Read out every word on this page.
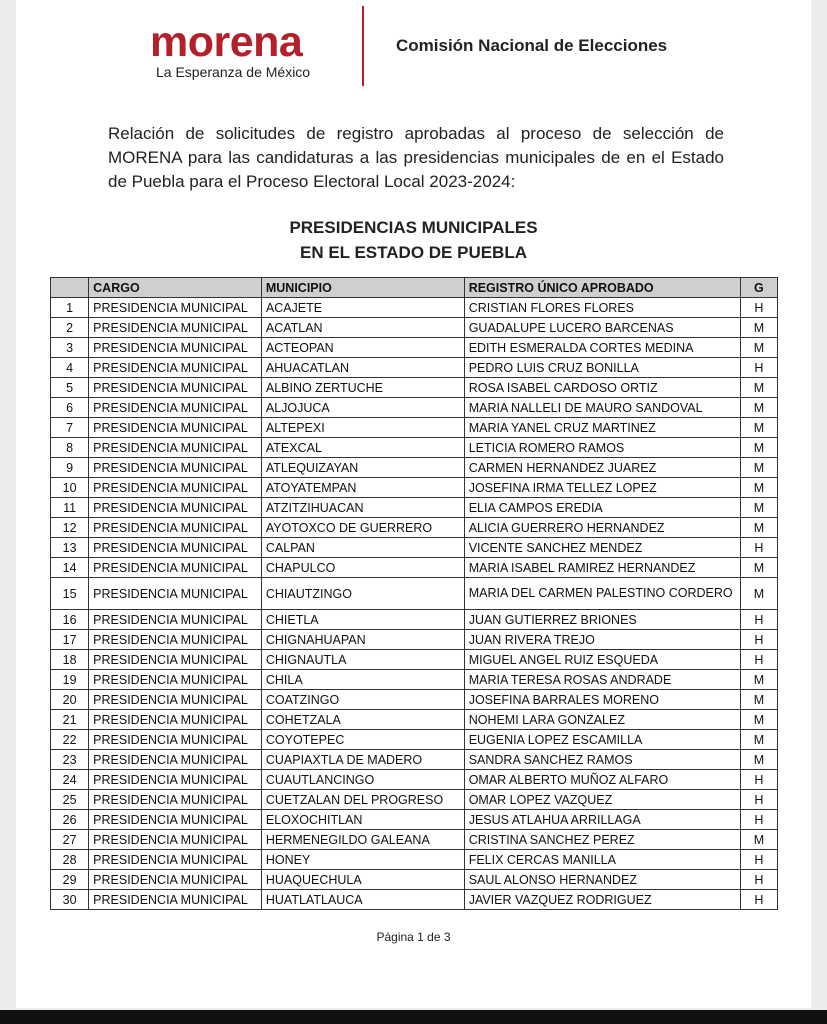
morena
La Esperanza de México
Comisión Nacional de Elecciones
Relación de solicitudes de registro aprobadas al proceso de selección de MORENA para las candidaturas a las presidencias municipales de en el Estado de Puebla para el Proceso Electoral Local 2023-2024:
PRESIDENCIAS MUNICIPALES
EN EL ESTADO DE PUEBLA
	CARGO	MUNICIPIO	REGISTRO ÚNICO APROBADO	G
1	PRESIDENCIA MUNICIPAL	ACAJETE	CRISTIAN FLORES FLORES	H
2	PRESIDENCIA MUNICIPAL	ACATLAN	GUADALUPE LUCERO BARCENAS	M
3	PRESIDENCIA MUNICIPAL	ACTEOPAN	EDITH ESMERALDA CORTES MEDINA	M
4	PRESIDENCIA MUNICIPAL	AHUACATLAN	PEDRO LUIS CRUZ BONILLA	H
5	PRESIDENCIA MUNICIPAL	ALBINO ZERTUCHE	ROSA ISABEL CARDOSO ORTIZ	M
6	PRESIDENCIA MUNICIPAL	ALJOJUCA	MARIA NALLELI DE MAURO SANDOVAL	M
7	PRESIDENCIA MUNICIPAL	ALTEPEXI	MARIA YANEL CRUZ MARTINEZ	M
8	PRESIDENCIA MUNICIPAL	ATEXCAL	LETICIA ROMERO RAMOS	M
9	PRESIDENCIA MUNICIPAL	ATLEQUIZAYAN	CARMEN HERNANDEZ JUAREZ	M
10	PRESIDENCIA MUNICIPAL	ATOYATEMPAN	JOSEFINA IRMA TELLEZ LOPEZ	M
11	PRESIDENCIA MUNICIPAL	ATZITZIHUACAN	ELIA CAMPOS EREDIA	M
12	PRESIDENCIA MUNICIPAL	AYOTOXCO DE GUERRERO	ALICIA GUERRERO HERNANDEZ	M
13	PRESIDENCIA MUNICIPAL	CALPAN	VICENTE SANCHEZ MENDEZ	H
14	PRESIDENCIA MUNICIPAL	CHAPULCO	MARIA ISABEL RAMIREZ HERNANDEZ	M
15	PRESIDENCIA MUNICIPAL	CHIAUTZINGO	MARIA DEL CARMEN PALESTINO CORDERO	M
16	PRESIDENCIA MUNICIPAL	CHIETLA	JUAN GUTIERREZ BRIONES	H
17	PRESIDENCIA MUNICIPAL	CHIGNAHUAPAN	JUAN RIVERA TREJO	H
18	PRESIDENCIA MUNICIPAL	CHIGNAUTLA	MIGUEL ANGEL RUIZ ESQUEDA	H
19	PRESIDENCIA MUNICIPAL	CHILA	MARIA TERESA ROSAS ANDRADE	M
20	PRESIDENCIA MUNICIPAL	COATZINGO	JOSEFINA BARRALES MORENO	M
21	PRESIDENCIA MUNICIPAL	COHETZALA	NOHEMI LARA GONZALEZ	M
22	PRESIDENCIA MUNICIPAL	COYOTEPEC	EUGENIA LOPEZ ESCAMILLA	M
23	PRESIDENCIA MUNICIPAL	CUAPIAXTLA DE MADERO	SANDRA SANCHEZ RAMOS	M
24	PRESIDENCIA MUNICIPAL	CUAUTLANCINGO	OMAR ALBERTO MUÑOZ ALFARO	H
25	PRESIDENCIA MUNICIPAL	CUETZALAN DEL PROGRESO	OMAR LOPEZ VAZQUEZ	H
26	PRESIDENCIA MUNICIPAL	ELOXOCHITLAN	JESUS ATLAHUA ARRILLAGA	H
27	PRESIDENCIA MUNICIPAL	HERMENEGILDO GALEANA	CRISTINA SANCHEZ PEREZ	M
28	PRESIDENCIA MUNICIPAL	HONEY	FELIX CERCAS MANILLA	H
29	PRESIDENCIA MUNICIPAL	HUAQUECHULA	SAUL ALONSO HERNANDEZ	H
30	PRESIDENCIA MUNICIPAL	HUATLATLAUCA	JAVIER VAZQUEZ RODRIGUEZ	H
Página 1 de 3
